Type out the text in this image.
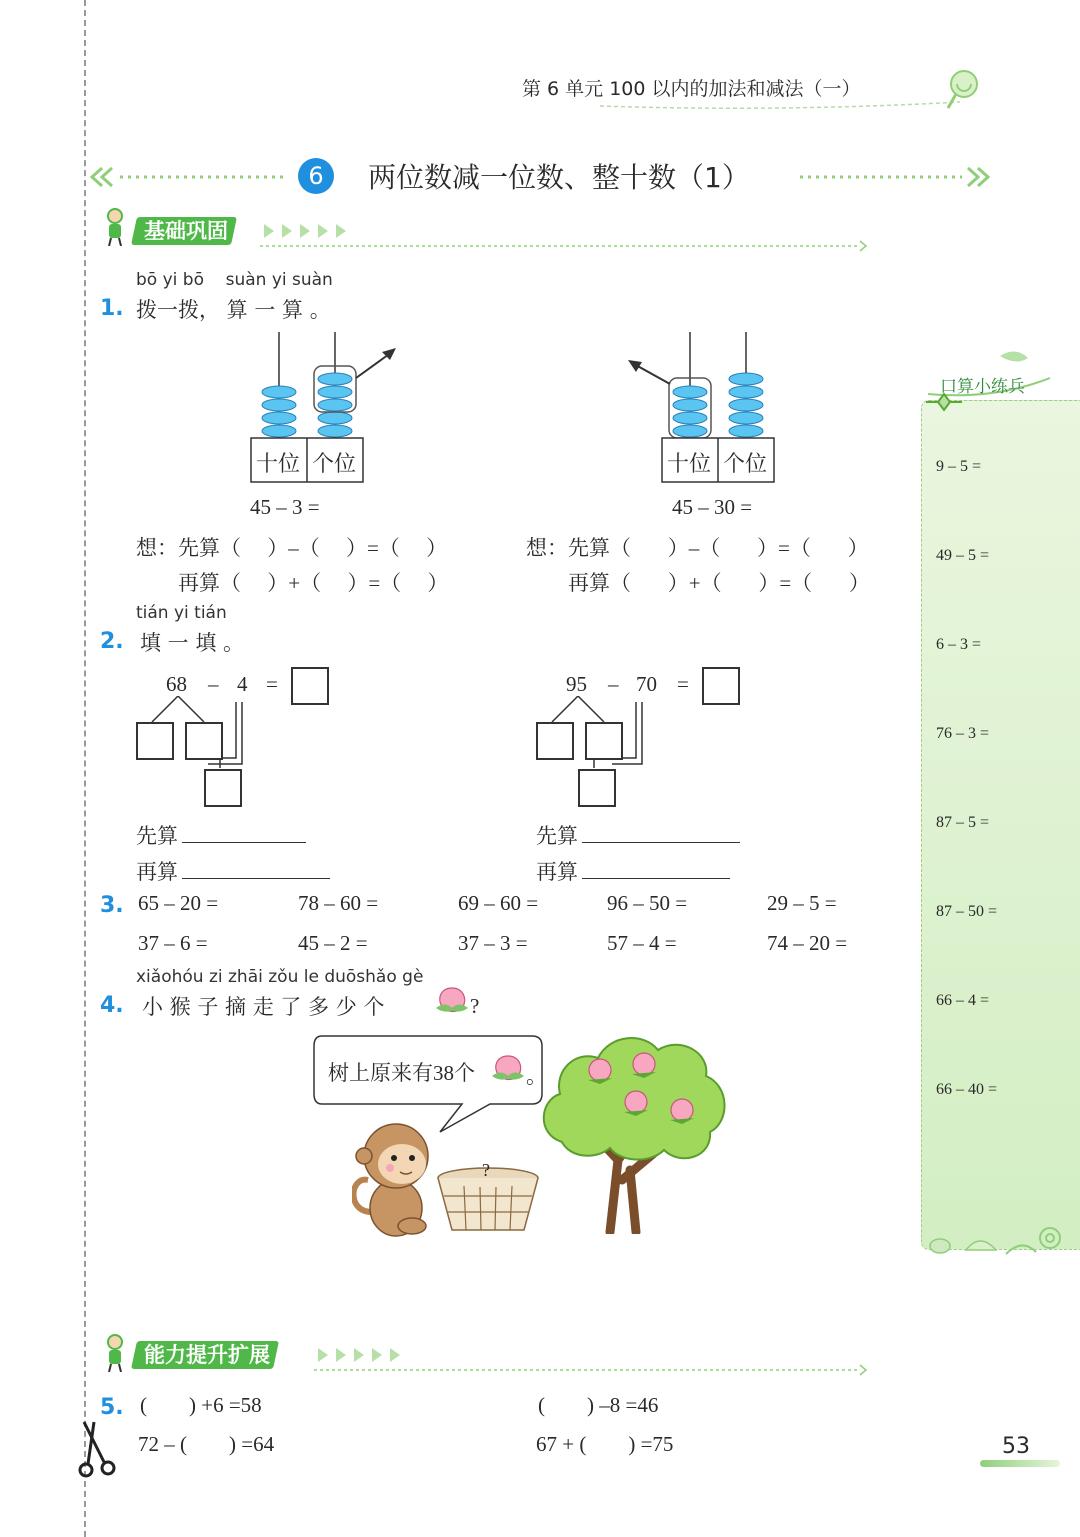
第 6 单元 100 以内的加法和减法（一）
6	两位数减一位数、整十数（1）
基础巩固
bō yi bō    suàn yi suàn
1. 拨一拨， 算 一 算 。
十位 个位
45 – 3 =
十位 个位
45 – 30 =
想：先算（     ）–（     ）=（     ）
再算（     ）+（     ）=（     ）
想：先算（       ）–（       ）=（       ）
再算（       ）+（       ）=（       ）
tián yi tián
2. 填 一 填 。
68 – 4 =
先算
再算
95 – 70 =
先算
再算
3. 65 – 20 =	78 – 60 =	69 – 60 =	96 – 50 =	29 – 5 =
37 – 6 =	45 – 2 =	37 – 3 =	57 – 4 =	74 – 20 =
xiǎohóu zi zhāi zǒu le duōshǎo gè
4. 小 猴 子 摘 走 了 多 少 个	?
树上原来有38个 。
?
口算小练兵
9 – 5 =
49 – 5 =
6 – 3 =
76 – 3 =
87 – 5 =
87 – 50 =
66 – 4 =
66 – 40 =
能力提升扩展
5. (        ) +6 =58	(        ) –8 =46
72 – (        ) =64	67 + (        ) =75	53
